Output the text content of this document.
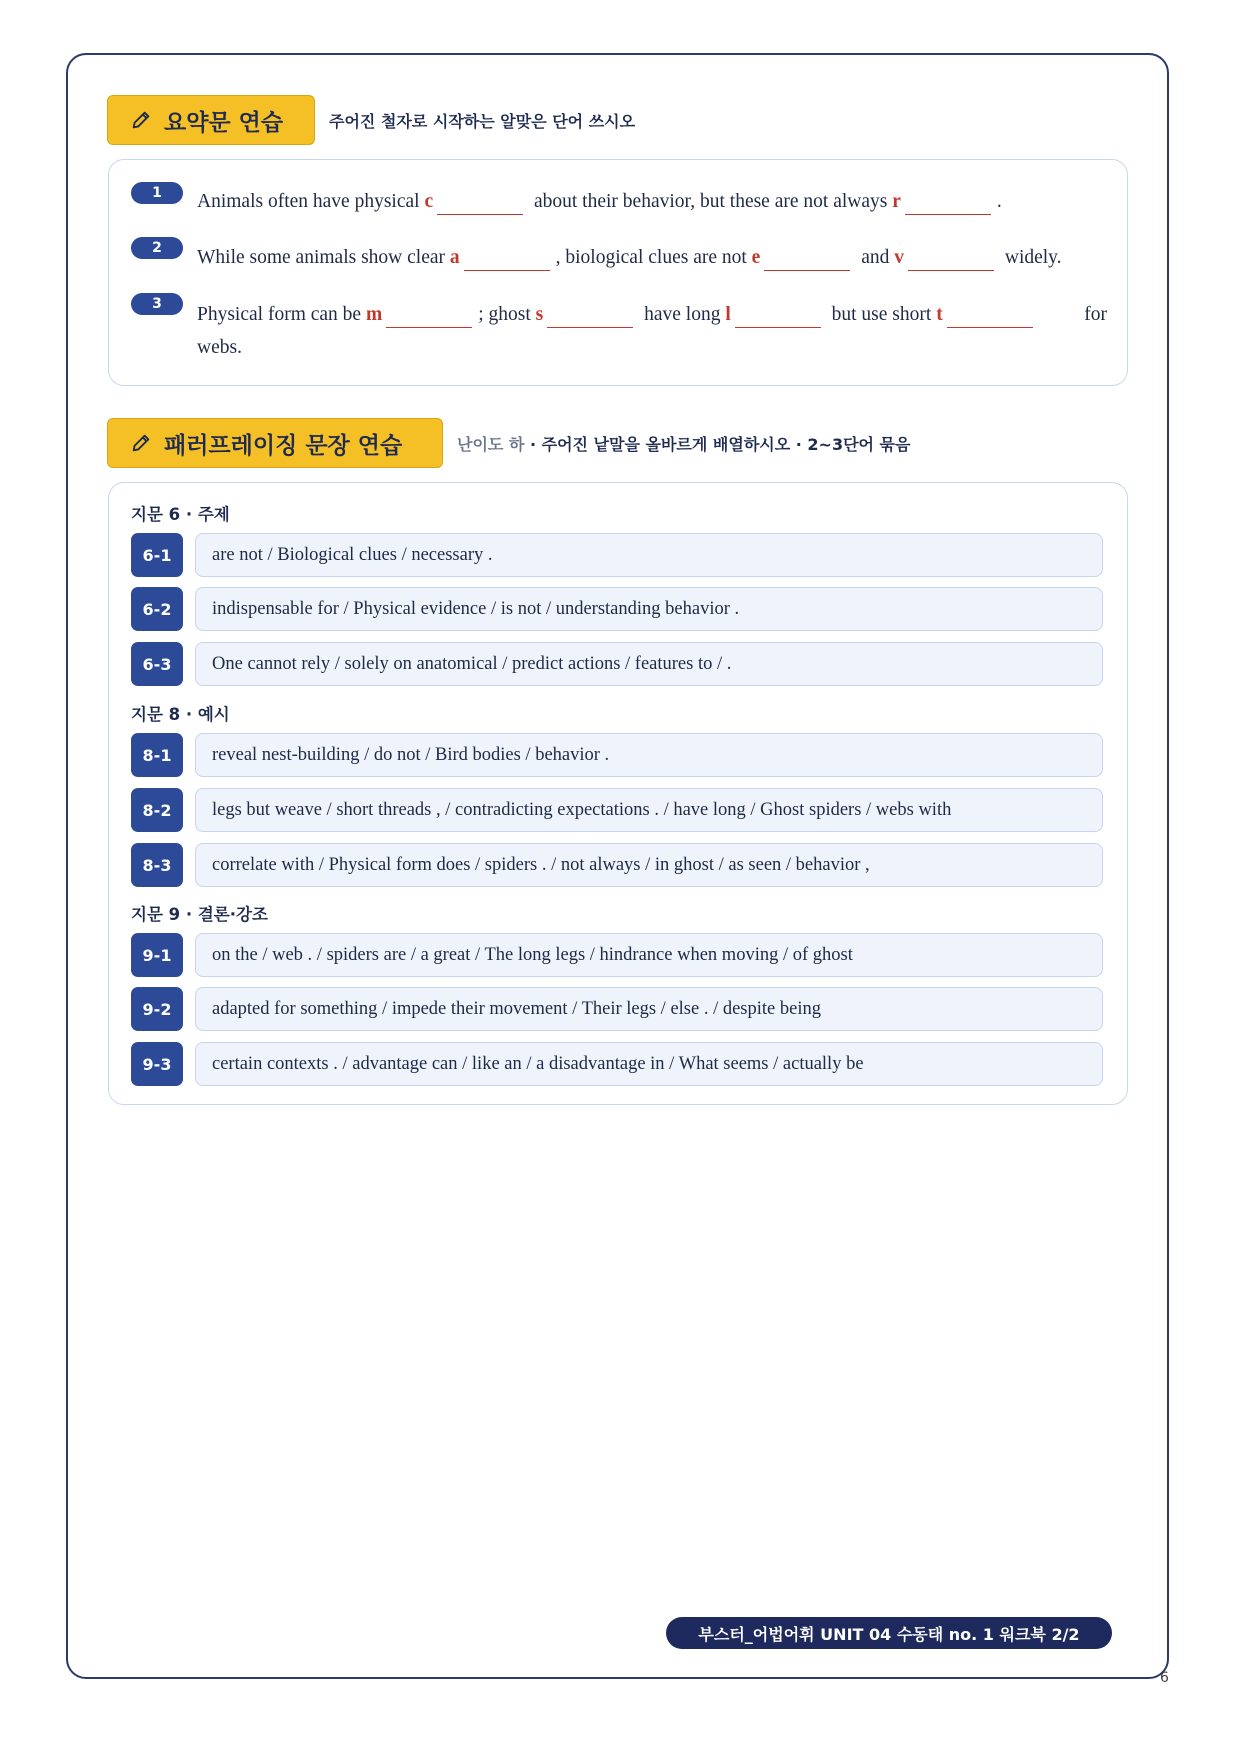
요약문 연습	주어진 철자로 시작하는 알맞은 단어 쓰시오
1	Animals often have physical c	about their behavior, but these are not always r	.
2	While some animals show clear a	, biological clues are not e	and v	widely.
3	Physical form can be m	; ghost s	have long l	but use short t	for
webs.
패러프레이징 문장 연습	난이도 하 · 주어진 낱말을 올바르게 배열하시오 · 2~3단어 묶음
지문 6 · 주제
6-1	are not / Biological clues / necessary .
6-2	indispensable for / Physical evidence / is not / understanding behavior .
6-3	One cannot rely / solely on anatomical / predict actions / features to / .
지문 8 · 예시
8-1	reveal nest-building / do not / Bird bodies / behavior .
8-2	legs but weave / short threads , / contradicting expectations . / have long / Ghost spiders / webs with
8-3	correlate with / Physical form does / spiders . / not always / in ghost / as seen / behavior ,
지문 9 · 결론·강조
9-1	on the / web . / spiders are / a great / The long legs / hindrance when moving / of ghost
9-2	adapted for something / impede their movement / Their legs / else . / despite being
9-3	certain contexts . / advantage can / like an / a disadvantage in / What seems / actually be
부스터_어법어휘 UNIT 04 수동태 no. 1 워크북 2/2
6
